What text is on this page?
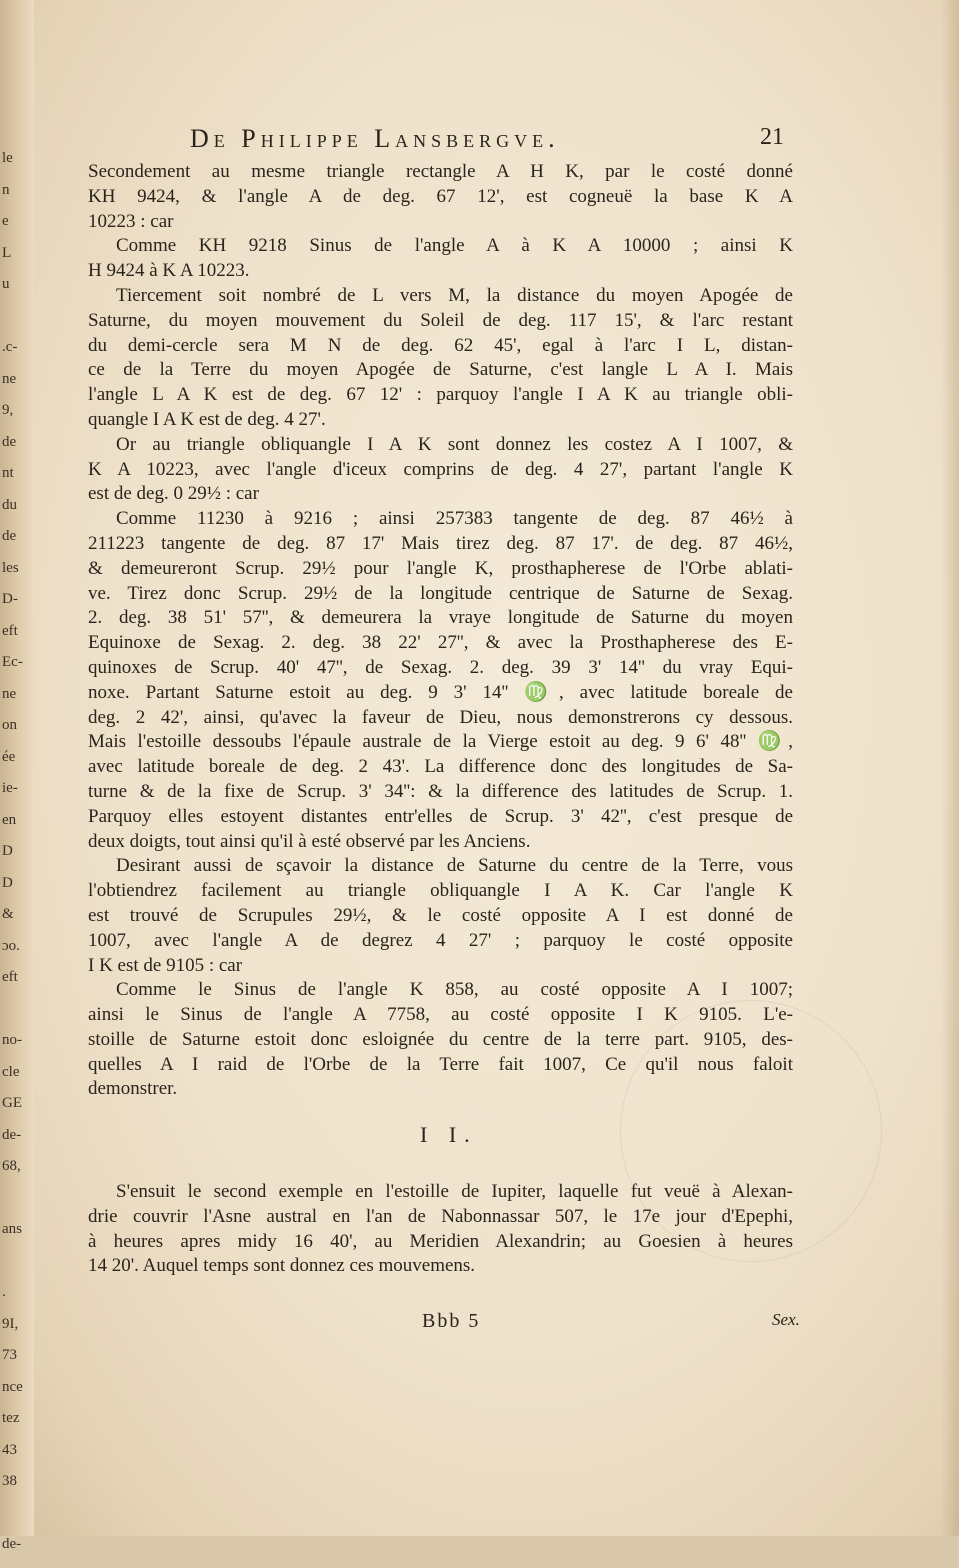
le
n
e
L
u
.c-
ne
9,
de
nt
du
de
les
D-
eft
Ec-
ne
on
ée
ie-
en
D
D
&
ɔo.
eft
no-
cle
GE
de-
68,
ans
.
9I,
73
nce
tez
43
38
de-
De Philippe Lansbergve.	21
Secondement au mesme triangle rectangle A H K, par le costé donné
KH 9424, & l'angle A de deg. 67 12', est cogneuë la base K A
10223 : car
Comme KH 9218 Sinus de l'angle A à K A 10000 ; ainsi K
H 9424 à K A 10223.
Tiercement soit nombré de L vers M, la distance du moyen Apogée de
Saturne, du moyen mouvement du Soleil de deg. 117 15', & l'arc restant
du demi-cercle sera M N de deg. 62 45', egal à l'arc I L, distan-
ce de la Terre du moyen Apogée de Saturne, c'est langle L A I. Mais
l'angle L A K est de deg. 67 12' : parquoy l'angle I A K au triangle obli-
quangle I A K est de deg. 4 27'.
Or au triangle obliquangle I A K sont donnez les costez A I 1007, &
K A 10223, avec l'angle d'iceux comprins de deg. 4 27', partant l'angle K
est de deg. 0 29½ : car
Comme 11230 à 9216 ; ainsi 257383 tangente de deg. 87 46½ à
211223 tangente de deg. 87 17' Mais tirez deg. 87 17'. de deg. 87 46½,
& demeureront Scrup. 29½ pour l'angle K, prosthapherese de l'Orbe ablati-
ve. Tirez donc Scrup. 29½ de la longitude centrique de Saturne de Sexag.
2. deg. 38 51' 57'', & demeurera la vraye longitude de Saturne du moyen
Equinoxe de Sexag. 2. deg. 38 22' 27'', & avec la Prosthapherese des E-
quinoxes de Scrup. 40' 47'', de Sexag. 2. deg. 39 3' 14'' du vray Equi-
noxe. Partant Saturne estoit au deg. 9 3' 14'' ♍, avec latitude boreale de
deg. 2 42', ainsi, qu'avec la faveur de Dieu, nous demonstrerons cy dessous.
Mais l'estoille dessoubs l'épaule australe de la Vierge estoit au deg. 9 6' 48'' ♍,
avec latitude boreale de deg. 2 43'. La difference donc des longitudes de Sa-
turne & de la fixe de Scrup. 3' 34'': & la difference des latitudes de Scrup. 1.
Parquoy elles estoyent distantes entr'elles de Scrup. 3' 42'', c'est presque de
deux doigts, tout ainsi qu'il à esté observé par les Anciens.
Desirant aussi de sçavoir la distance de Saturne du centre de la Terre, vous
l'obtiendrez facilement au triangle obliquangle I A K. Car l'angle K
est trouvé de Scrupules 29½, & le costé opposite A I est donné de
1007, avec l'angle A de degrez 4 27' ; parquoy le costé opposite
I K est de 9105 : car
Comme le Sinus de l'angle K 858, au costé opposite A I 1007;
ainsi le Sinus de l'angle A 7758, au costé opposite I K 9105. L'e-
stoille de Saturne estoit donc esloignée du centre de la terre part. 9105, des-
quelles A I raid de l'Orbe de la Terre fait 1007, Ce qu'il nous faloit
demonstrer.
I I.
S'ensuit le second exemple en l'estoille de Iupiter, laquelle fut veuë à Alexan-
drie couvrir l'Asne austral en l'an de Nabonnassar 507, le 17e jour d'Epephi,
à heures apres midy 16 40', au Meridien Alexandrin; au Goesien à heures
14 20'. Auquel temps sont donnez ces mouvemens.
Bbb 5	Sex.
